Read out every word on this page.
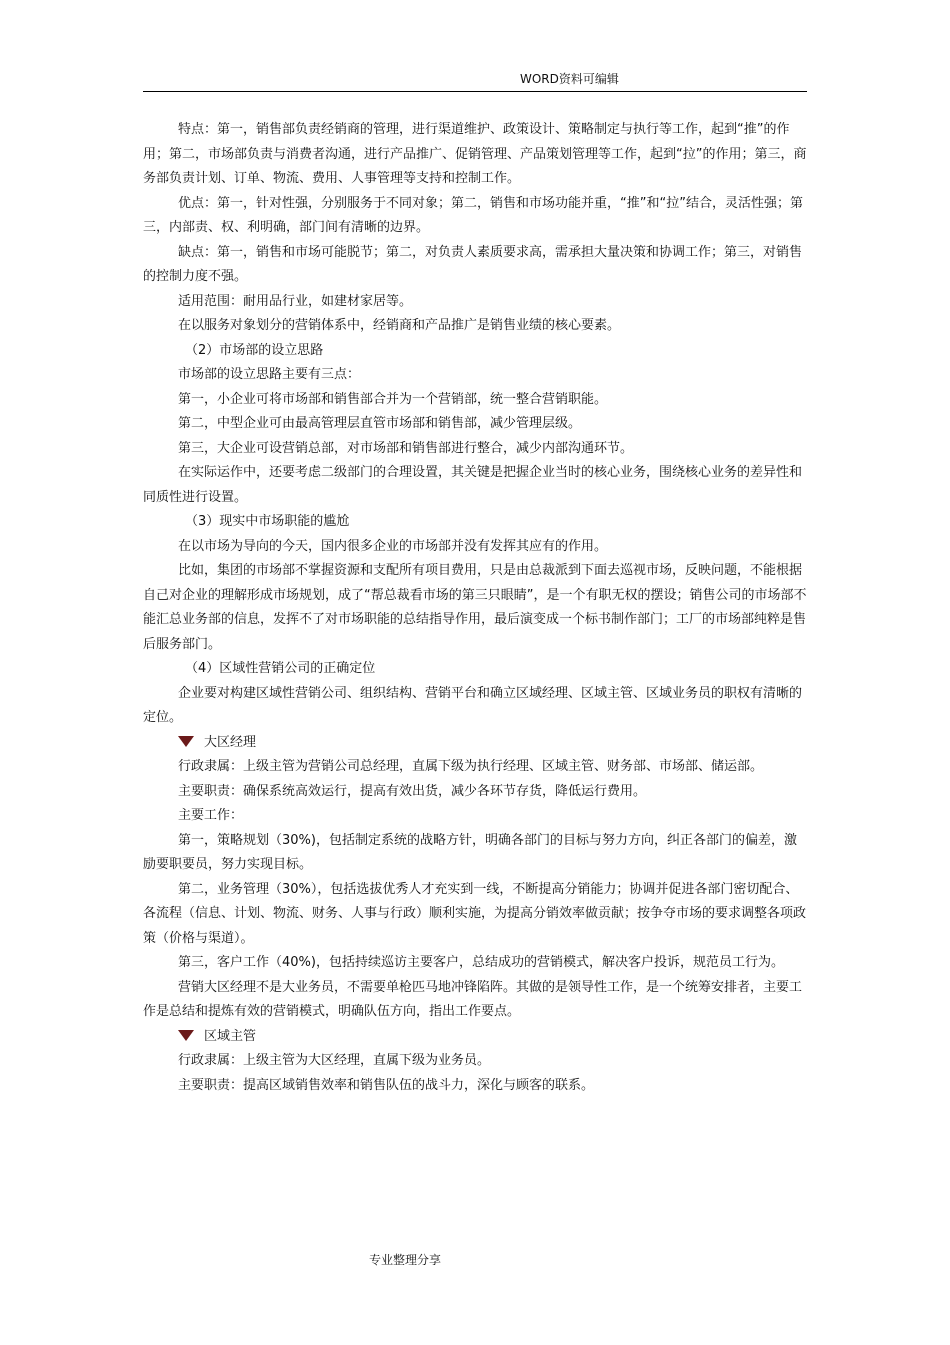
WORD资料可编辑

特点：第一，销售部负责经销商的管理，进行渠道维护、政策设计、策略制定与执行等工作，起到“推”的作用；第二，市场部负责与消费者沟通，进行产品推广、促销管理、产品策划管理等工作，起到“拉”的作用；第三，商务部负责计划、订单、物流、费用、人事管理等支持和控制工作。

优点：第一，针对性强，分别服务于不同对象；第二，销售和市场功能并重，“推”和“拉”结合，灵活性强；第三，内部责、权、利明确，部门间有清晰的边界。

缺点：第一，销售和市场可能脱节；第二，对负责人素质要求高，需承担大量决策和协调工作；第三，对销售的控制力度不强。

适用范围：耐用品行业，如建材家居等。

在以服务对象划分的营销体系中，经销商和产品推广是销售业绩的核心要素。

（2）市场部的设立思路

市场部的设立思路主要有三点：

第一，小企业可将市场部和销售部合并为一个营销部，统一整合营销职能。

第二，中型企业可由最高管理层直管市场部和销售部，减少管理层级。

第三，大企业可设营销总部，对市场部和销售部进行整合，减少内部沟通环节。

在实际运作中，还要考虑二级部门的合理设置，其关键是把握企业当时的核心业务，围绕核心业务的差异性和同质性进行设置。

（3）现实中市场职能的尴尬

在以市场为导向的今天，国内很多企业的市场部并没有发挥其应有的作用。

比如，集团的市场部不掌握资源和支配所有项目费用，只是由总裁派到下面去巡视市场，反映问题，不能根据自己对企业的理解形成市场规划，成了“帮总裁看市场的第三只眼睛”，是一个有职无权的摆设；销售公司的市场部不能汇总业务部的信息，发挥不了对市场职能的总结指导作用，最后演变成一个标书制作部门；工厂的市场部纯粹是售后服务部门。

（4）区域性营销公司的正确定位

企业要对构建区域性营销公司、组织结构、营销平台和确立区域经理、区域主管、区域业务员的职权有清晰的定位。

大区经理

行政隶属：上级主管为营销公司总经理，直属下级为执行经理、区域主管、财务部、市场部、储运部。

主要职责：确保系统高效运行，提高有效出货，减少各环节存货，降低运行费用。

主要工作：

第一，策略规划（30%)，包括制定系统的战略方针，明确各部门的目标与努力方向，纠正各部门的偏差，激励要职要员，努力实现目标。

第二，业务管理（30%），包括选拔优秀人才充实到一线，不断提高分销能力；协调并促进各部门密切配合、各流程（信息、计划、物流、财务、人事与行政）顺利实施，为提高分销效率做贡献；按争夺市场的要求调整各项政策（价格与渠道）。

第三，客户工作（40%)，包括持续巡访主要客户，总结成功的营销模式，解决客户投诉，规范员工行为。

营销大区经理不是大业务员，不需要单枪匹马地冲锋陷阵。其做的是领导性工作，是一个统筹安排者，主要工作是总结和提炼有效的营销模式，明确队伍方向，指出工作要点。

区域主管

行政隶属：上级主管为大区经理，直属下级为业务员。

主要职责：提高区域销售效率和销售队伍的战斗力，深化与顾客的联系。

专业整理分享
